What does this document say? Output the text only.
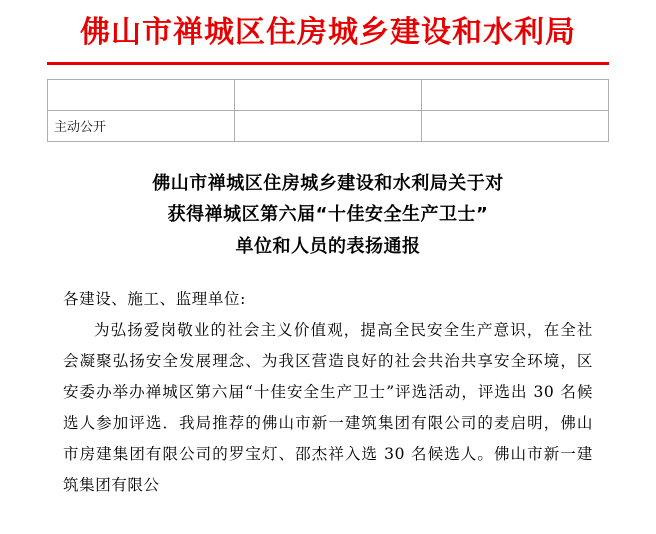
佛山市禅城区住房城乡建设和水利局

主动公开		
佛山市禅城区住房城乡建设和水利局关于对
获得禅城区第六届“十佳安全生产卫士”
单位和人员的表扬通报
各建设、施工、监理单位:
为弘扬爱岗敬业的社会主义价值观，提高全民安全生产意识，在全社会凝聚弘扬安全发展理念、为我区营造良好的社会共治共享安全环境，区安委办举办禅城区第六届“十佳安全生产卫士”评选活动，评选出 30 名候选人参加评选．我局推荐的佛山市新一建筑集团有限公司的麦启明，佛山市房建集团有限公司的罗宝灯、邵杰祥入选 30 名候选人。佛山市新一建筑集团有限公
